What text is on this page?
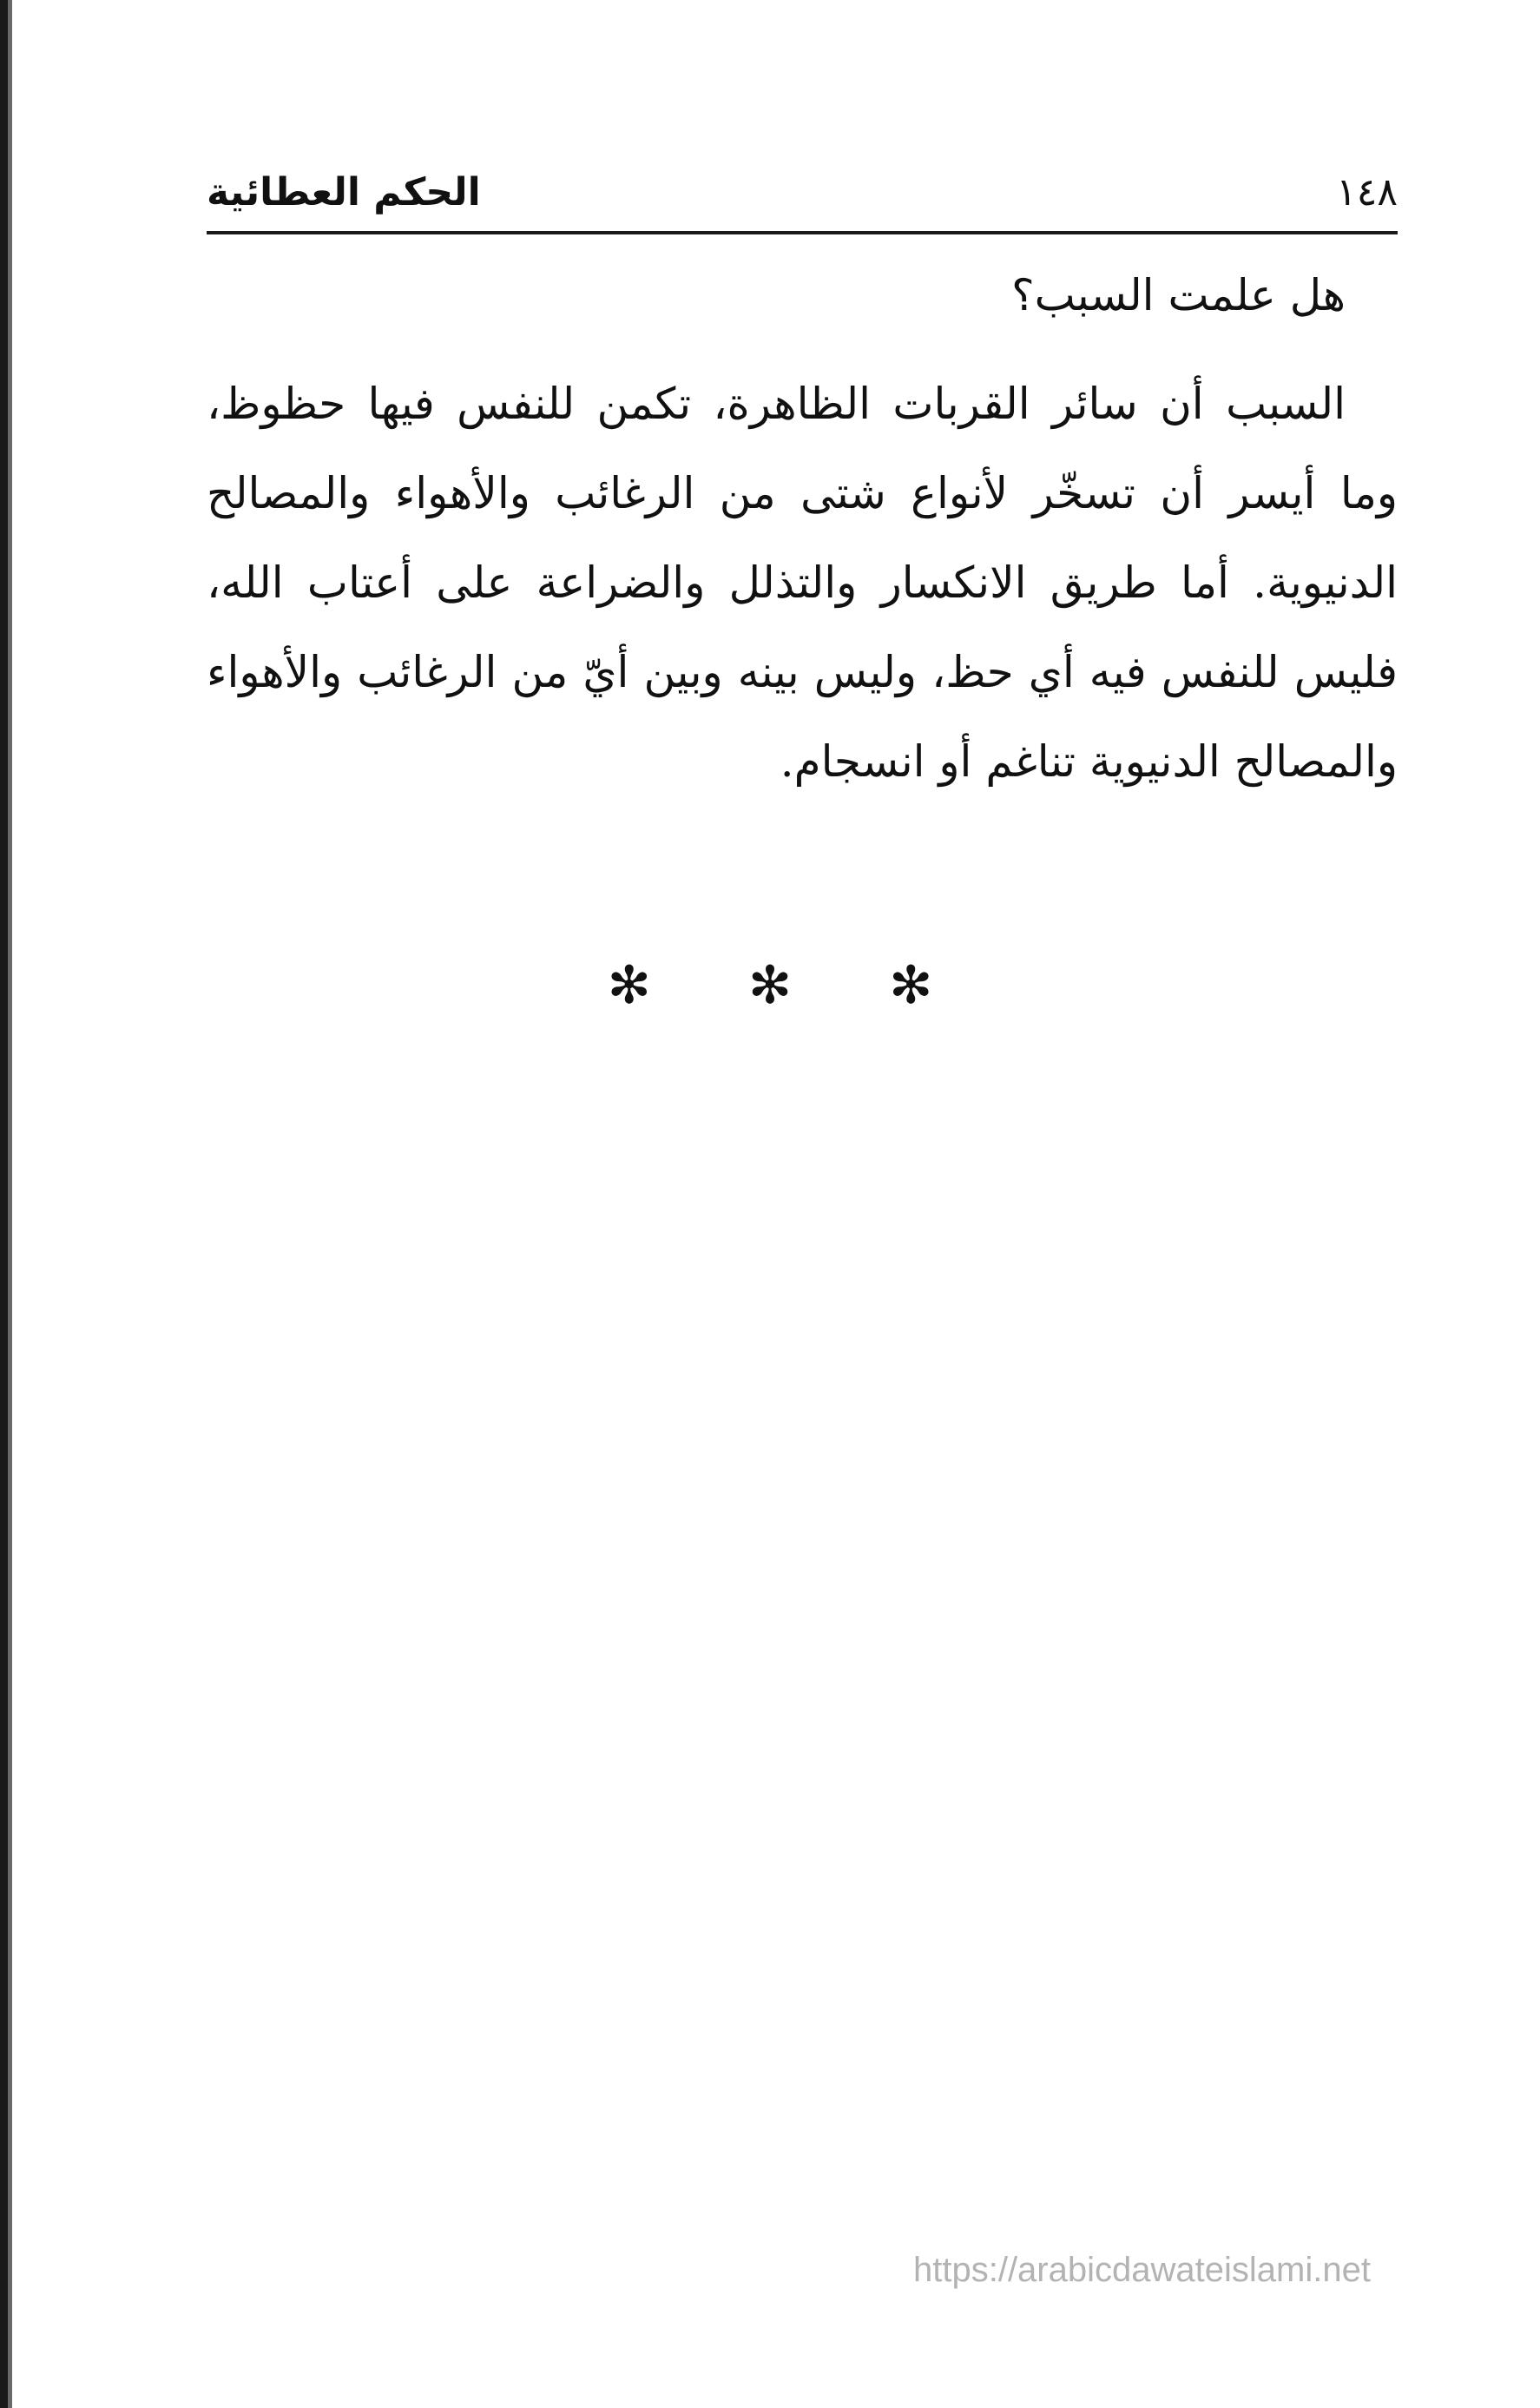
الحكم العطائية	١٤٨

هل علمت السبب؟

السبب أن سائر القربات الظاهرة، تكمن للنفس فيها حظوظ، وما أيسر أن تسخّر لأنواع شتى من الرغائب والأهواء والمصالح الدنيوية. أما طريق الانكسار والتذلل والضراعة على أعتاب الله، فليس للنفس فيه أي حظ، وليس بينه وبين أيّ من الرغائب والأهواء والمصالح الدنيوية تناغم أو انسجام.

✻ ✻ ✻
https://arabicdawateislami.net
